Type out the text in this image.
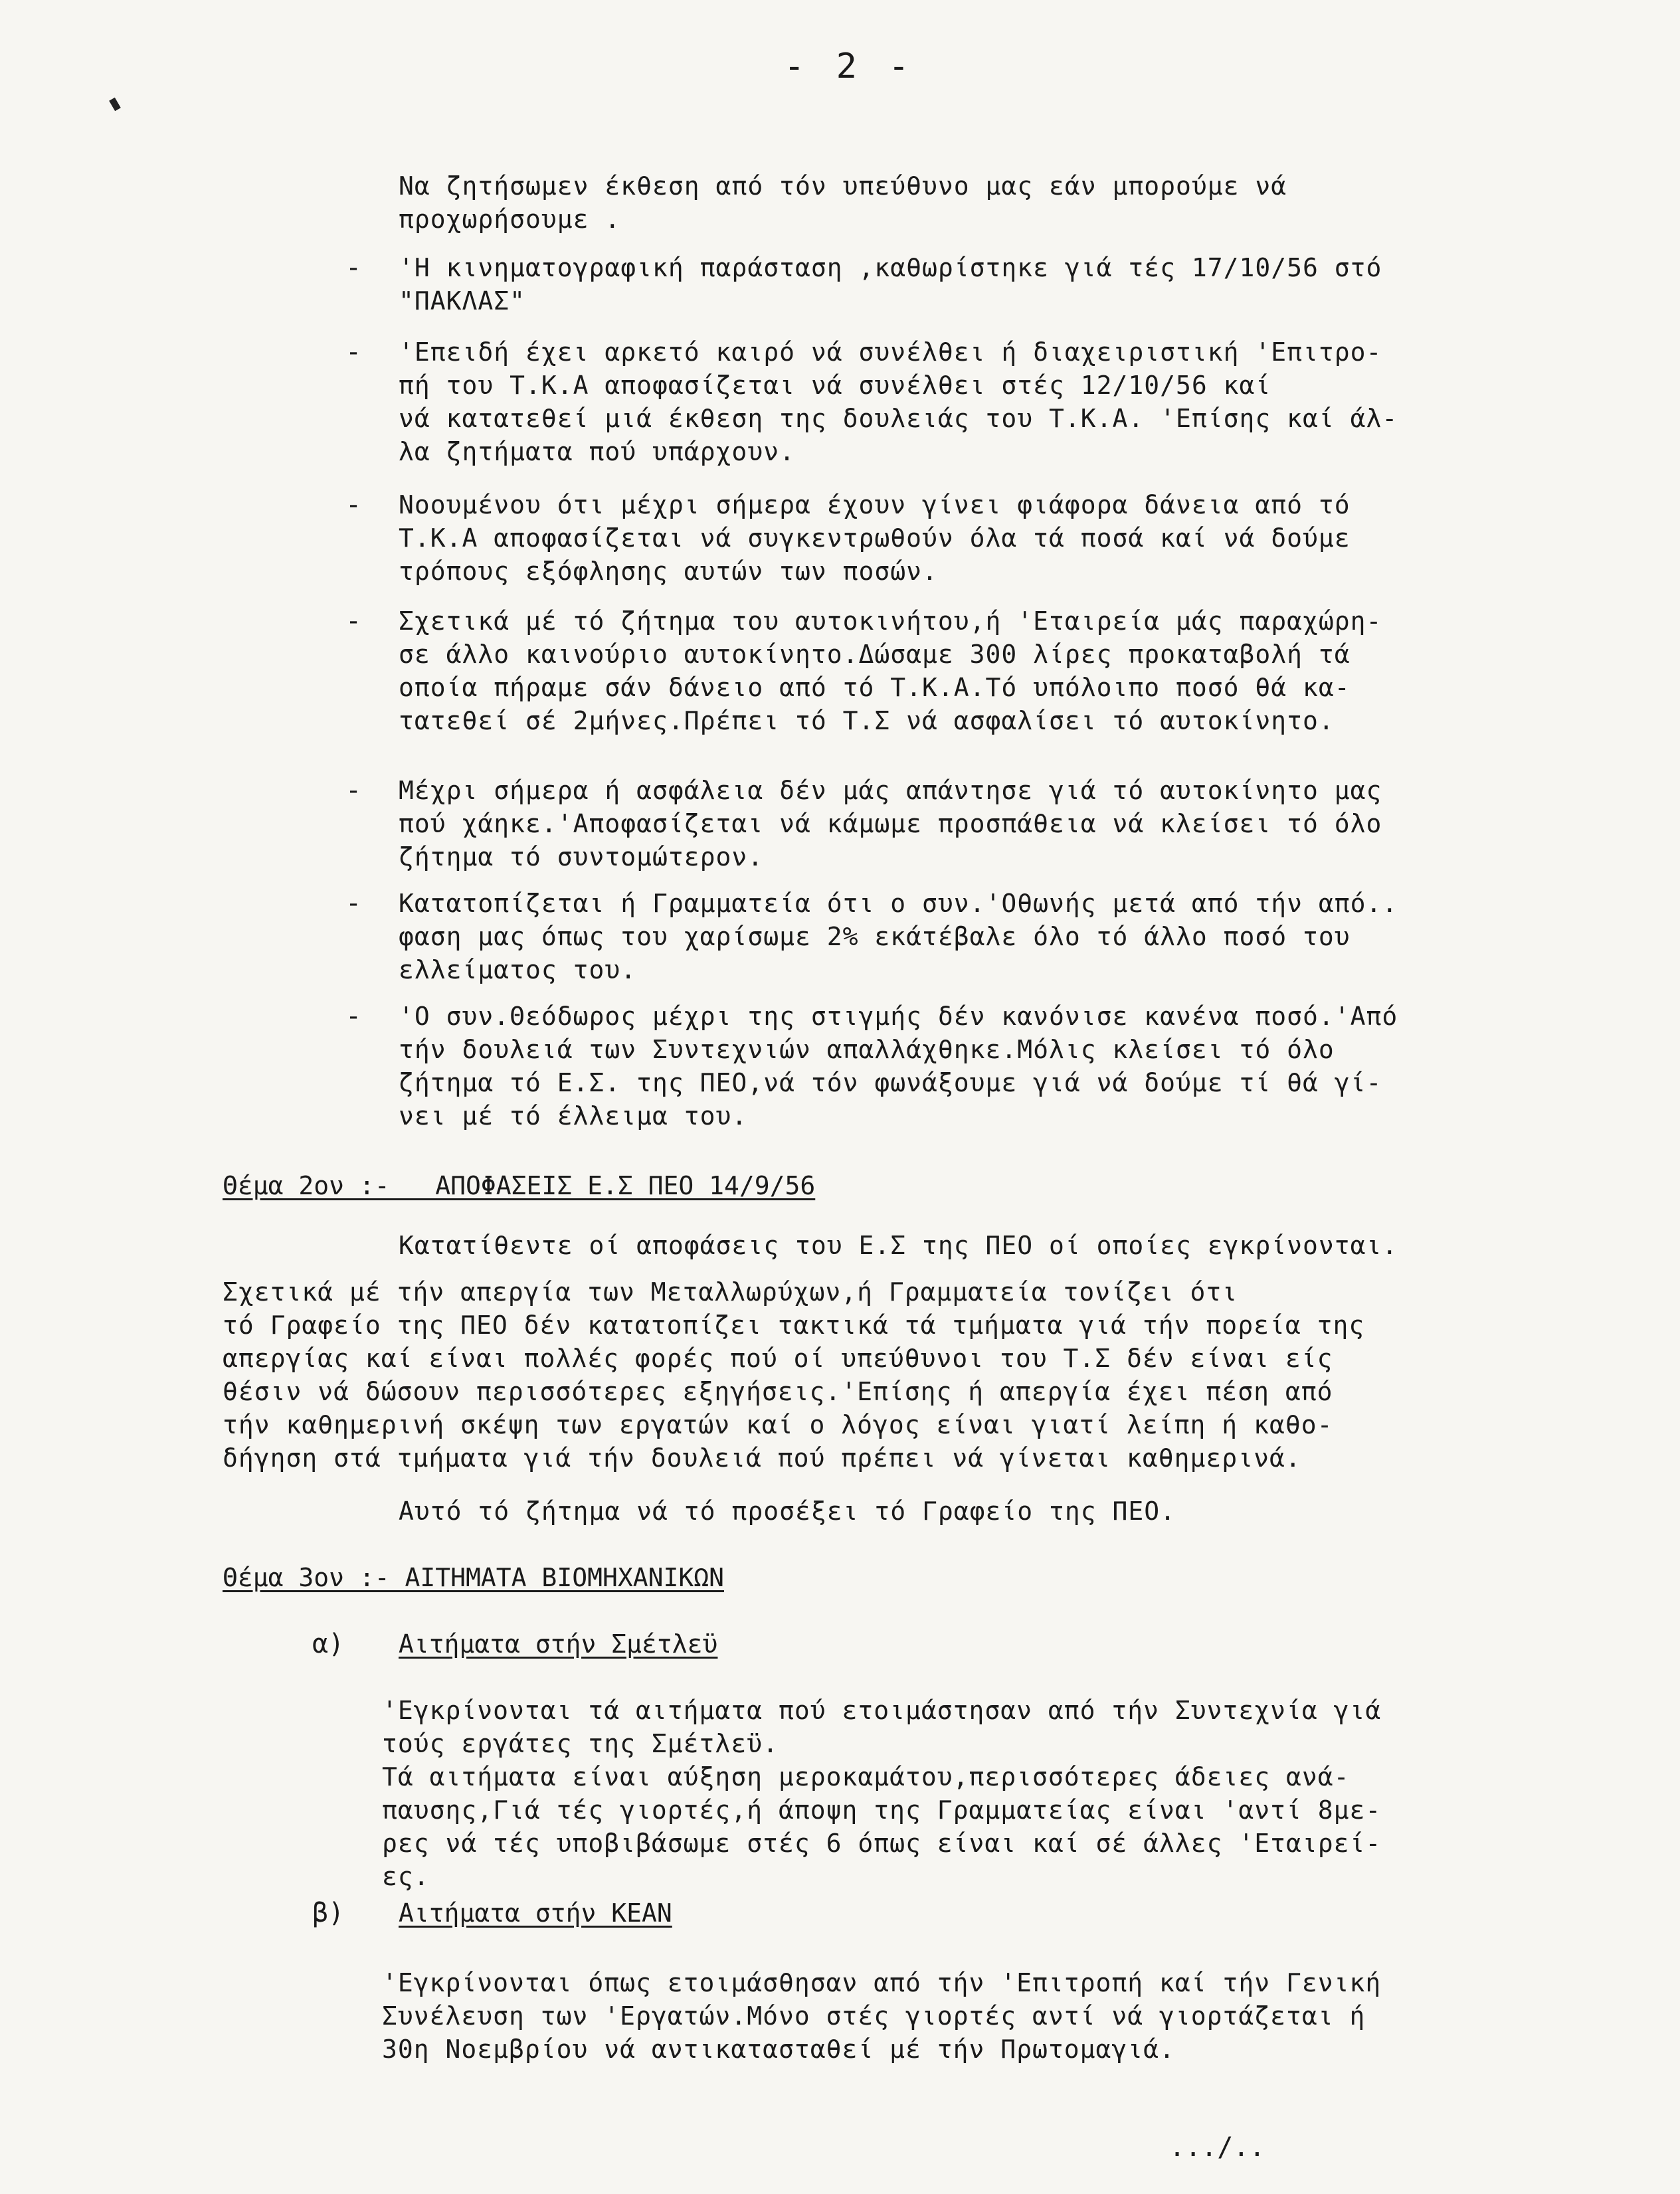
- 2 -
Να ζητήσωμεν έκθεση από τόν υπεύθυνο μας εάν μπορούμε νά
προχωρήσουμε .
- 'Η κινηματογραφική παράσταση ,καθωρίστηκε γιά τές 17/10/56 στό
"ΠΑΚΛΑΣ"
- 'Επειδή έχει αρκετό καιρό νά συνέλθει ή διαχειριστική 'Επιτρο-
πή του Τ.Κ.Α αποφασίζεται νά συνέλθει στές 12/10/56 καί
νά κατατεθεί μιά έκθεση της δουλειάς του Τ.Κ.Α. 'Επίσης καί άλ-
λα ζητήματα πού υπάρχουν.
- Νοουμένου ότι μέχρι σήμερα έχουν γίνει φιάφορα δάνεια από τό
Τ.Κ.Α αποφασίζεται νά συγκεντρωθούν όλα τά ποσά καί νά δούμε
τρόπους εξόφλησης αυτών των ποσών.
- Σχετικά μέ τό ζήτημα του αυτοκινήτου,ή 'Εταιρεία μάς παραχώρη-
σε άλλο καινούριο αυτοκίνητο.Δώσαμε 300 λίρες προκαταβολή τά
οποία πήραμε σάν δάνειο από τό Τ.Κ.Α.Τό υπόλοιπο ποσό θά κα-
τατεθεί σέ 2μήνες.Πρέπει τό Τ.Σ νά ασφαλίσει τό αυτοκίνητο.
- Μέχρι σήμερα ή ασφάλεια δέν μάς απάντησε γιά τό αυτοκίνητο μας
πού χάηκε.'Αποφασίζεται νά κάμωμε προσπάθεια νά κλείσει τό όλο
ζήτημα τό συντομώτερον.
- Κατατοπίζεται ή Γραμματεία ότι ο συν.'Οθωνής μετά από τήν από..
φαση μας όπως του χαρίσωμε 2% εκάτέβαλε όλο τό άλλο ποσό του
ελλείματος του.
- 'Ο συν.Θεόδωρος μέχρι της στιγμής δέν κανόνισε κανένα ποσό.'Από
τήν δουλειά των Συντεχνιών απαλλάχθηκε.Μόλις κλείσει τό όλο
ζήτημα τό Ε.Σ. της ΠΕΟ,νά τόν φωνάξουμε γιά νά δούμε τί θά γί-
νει μέ τό έλλειμα του.
Θέμα 2ον :-   ΑΠΟΦΑΣΕΙΣ Ε.Σ ΠΕΟ 14/9/56
Κατατίθεντε οί αποφάσεις του Ε.Σ της ΠΕΟ οί οποίες εγκρίνονται.
Σχετικά μέ τήν απεργία των Μεταλλωρύχων,ή Γραμματεία τονίζει ότι
τό Γραφείο της ΠΕΟ δέν κατατοπίζει τακτικά τά τμήματα γιά τήν πορεία της
απεργίας καί είναι πολλές φορές πού οί υπεύθυνοι του Τ.Σ δέν είναι είς
θέσιν νά δώσουν περισσότερες εξηγήσεις.'Επίσης ή απεργία έχει πέση από
τήν καθημερινή σκέψη των εργατών καί ο λόγος είναι γιατί λείπη ή καθο-
δήγηση στά τμήματα γιά τήν δουλειά πού πρέπει νά γίνεται καθημερινά.
Αυτό τό ζήτημα νά τό προσέξει τό Γραφείο της ΠΕΟ.
Θέμα 3ον :- ΑΙΤΗΜΑΤΑ ΒΙΟΜΗΧΑΝΙΚΩΝ
α) Αιτήματα στήν Σμέτλεϋ
'Εγκρίνονται τά αιτήματα πού ετοιμάστησαν από τήν Συντεχνία γιά
τούς εργάτες της Σμέτλεϋ.
Τά αιτήματα είναι αύξηση μεροκαμάτου,περισσότερες άδειες ανά-
παυσης,Γιά τές γιορτές,ή άποψη της Γραμματείας είναι 'αντί 8με-
ρες νά τές υποβιβάσωμε στές 6 όπως είναι καί σέ άλλες 'Εταιρεί-
ες.
β) Αιτήματα στήν ΚΕΑΝ
'Εγκρίνονται όπως ετοιμάσθησαν από τήν 'Επιτροπή καί τήν Γενική
Συνέλευση των 'Εργατών.Μόνο στές γιορτές αντί νά γιορτάζεται ή
30η Νοεμβρίου νά αντικατασταθεί μέ τήν Πρωτομαγιά.
.../..
